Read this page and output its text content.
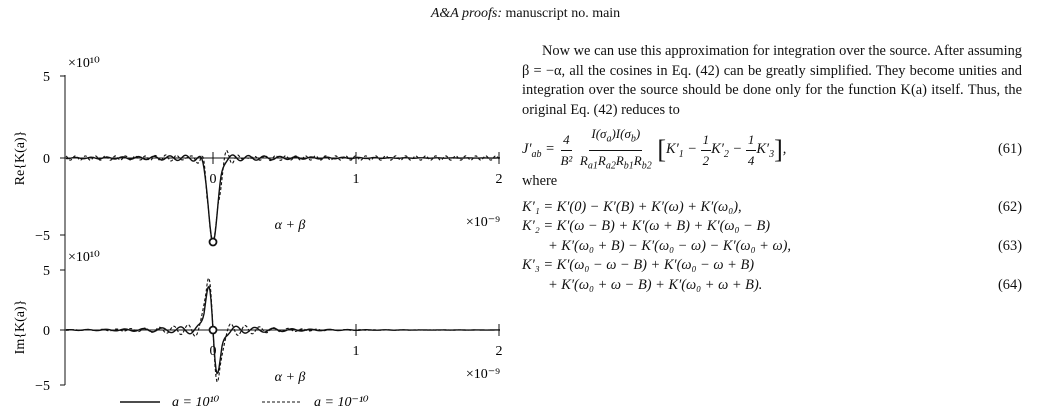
A&A proofs: manuscript no. main
5
0
−5
×10¹⁰
Re{K(a)}	0	1	2
α + β	×10⁻⁹
5
0
−5
×10¹⁰
Im{K(a)}	0	1	2
α + β	×10⁻⁹
a = 10¹⁰	a = 10⁻¹⁰

Now we can use this approximation for integration over the source. After assuming β = −α, all the cosines in Eq. (42) can be greatly simplified. They become unities and integration over the source should be done only for the function K(a) itself. Thus, the original Eq. (42) reduces to

$J'_{ab} = \frac{4}{\text{B²}}$
$\frac{I(\sigma_a)I(\sigma_b)}{R_{a1}R_{a2}R_{b1}R_{b2}} [K'_1 - \frac{1}{2} K'_2 - \frac{1}{4} K'_3]$,	(61)

where

K′₁ = K′(0) − K′(B) + K′(ω) + K′(ω₀),	(62)
K′₂ = K′(ω − B) + K′(ω + B) + K′(ω₀ − B)
+ K′(ω₀ + B) − K′(ω₀ − ω) − K′(ω₀ + ω),	(63)
K′₃ = K′(ω₀ − ω − B) + K′(ω₀ − ω + B)
+ K′(ω₀ + ω − B) + K′(ω₀ + ω + B).	(64)
